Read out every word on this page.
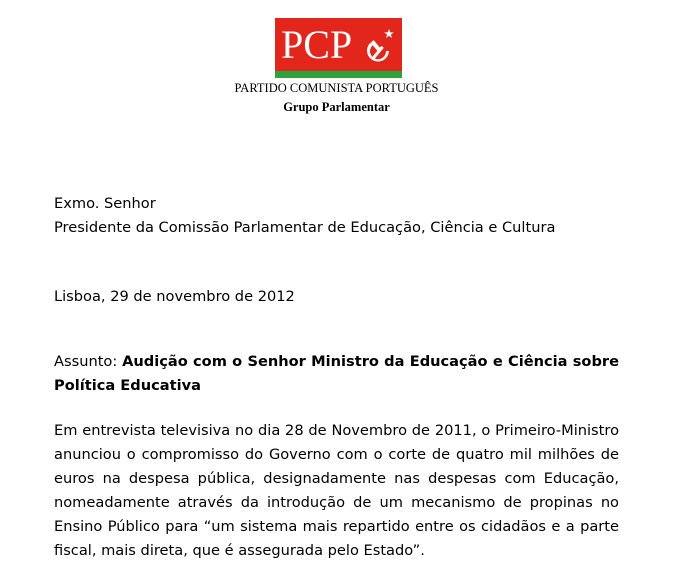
PCP
PARTIDO COMUNISTA PORTUGUÊS
Grupo Parlamentar
Exmo. Senhor
Presidente da Comissão Parlamentar de Educação, Ciência e Cultura
Lisboa, 29 de novembro de 2012
Assunto: Audição com o Senhor Ministro da Educação e Ciência sobre Política Educativa
Em entrevista televisiva no dia 28 de Novembro de 2011, o Primeiro-Ministro anunciou o compromisso do Governo com o corte de quatro mil milhões de euros na despesa pública, designadamente nas despesas com Educação, nomeadamente através da introdução de um mecanismo de propinas no Ensino Público para “um sistema mais repartido entre os cidadãos e a parte fiscal, mais direta, que é assegurada pelo Estado”.
